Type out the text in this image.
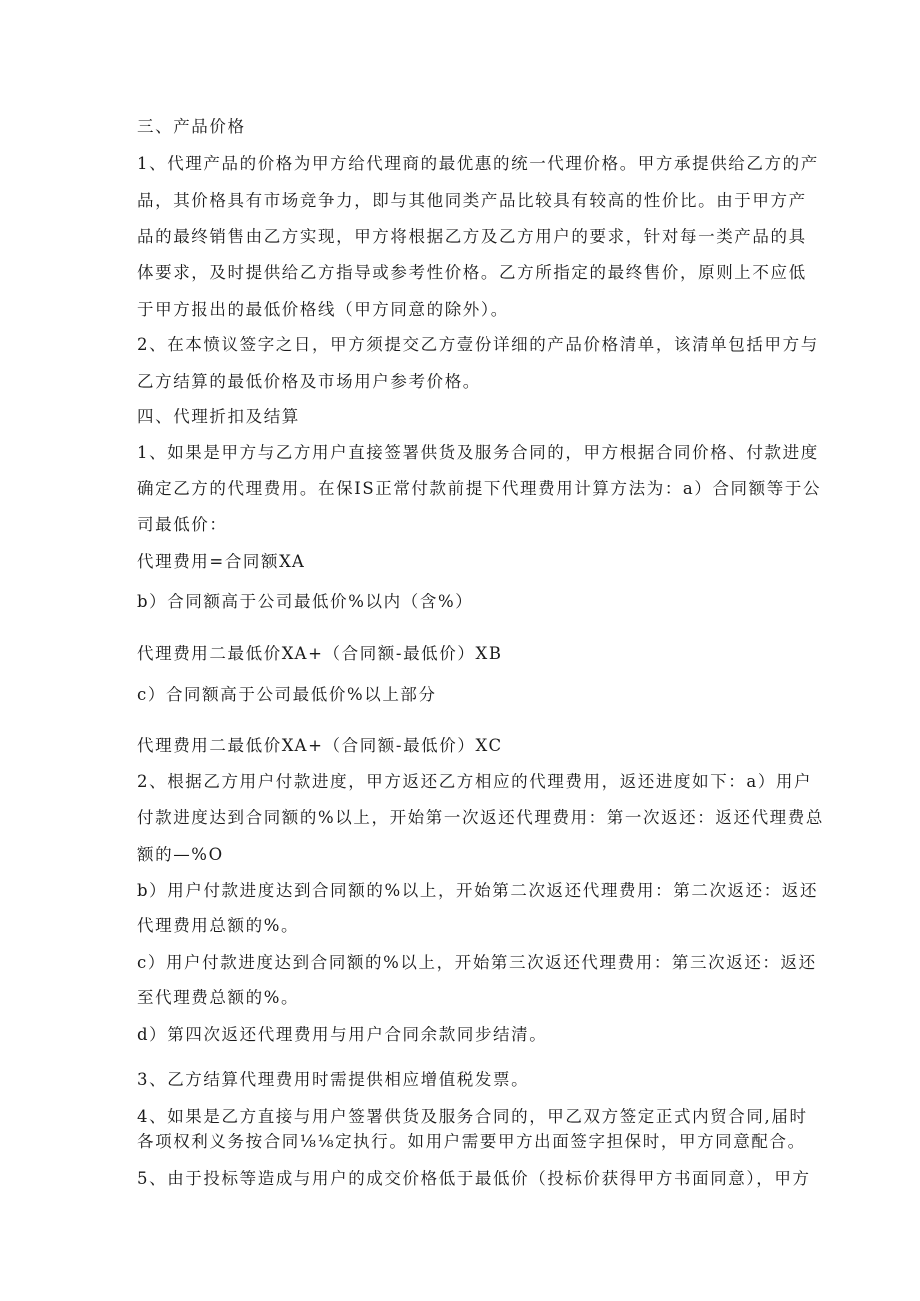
三、产品价格
1、代理产品的价格为甲方给代理商的最优惠的统一代理价格。甲方承提供给乙方的产
品，其价格具有市场竞争力，即与其他同类产品比较具有较高的性价比。由于甲方产
品的最终销售由乙方实现，甲方将根据乙方及乙方用户的要求，针对每一类产品的具
体要求，及时提供给乙方指导或参考性价格。乙方所指定的最终售价，原则上不应低
于甲方报出的最低价格线（甲方同意的除外）。
2、在本愤议签字之日，甲方须提交乙方壹份详细的产品价格清单，该清单包括甲方与
乙方结算的最低价格及市场用户参考价格。
四、代理折扣及结算
1、如果是甲方与乙方用户直接签署供货及服务合同的，甲方根据合同价格、付款进度
确定乙方的代理费用。在保IS正常付款前提下代理费用计算方法为：a）合同额等于公
司最低价：
代理费用=合同额XA
b）合同额高于公司最低价%以内（含%）
代理费用二最低价XA+（合同额-最低价）XB
c）合同额高于公司最低价%以上部分
代理费用二最低价XA+（合同额-最低价）XC
2、根据乙方用户付款进度，甲方返还乙方相应的代理费用，返还进度如下：a）用户
付款进度达到合同额的%以上，开始第一次返还代理费用：第一次返还：返还代理费总
额的—%O
b）用户付款进度达到合同额的%以上，开始第二次返还代理费用：第二次返还：返还
代理费用总额的%。
c）用户付款进度达到合同额的%以上，开始第三次返还代理费用：第三次返还：返还
至代理费总额的%。
d）第四次返还代理费用与用户合同余款同步结清。
3、乙方结算代理费用时需提供相应增值税发票。
4、如果是乙方直接与用户签署供货及服务合同的，甲乙双方签定正式内贸合同,届时
各项权利义务按合同⅛⅛定执行。如用户需要甲方出面签字担保时，甲方同意配合。
5、由于投标等造成与用户的成交价格低于最低价（投标价获得甲方书面同意），甲方
